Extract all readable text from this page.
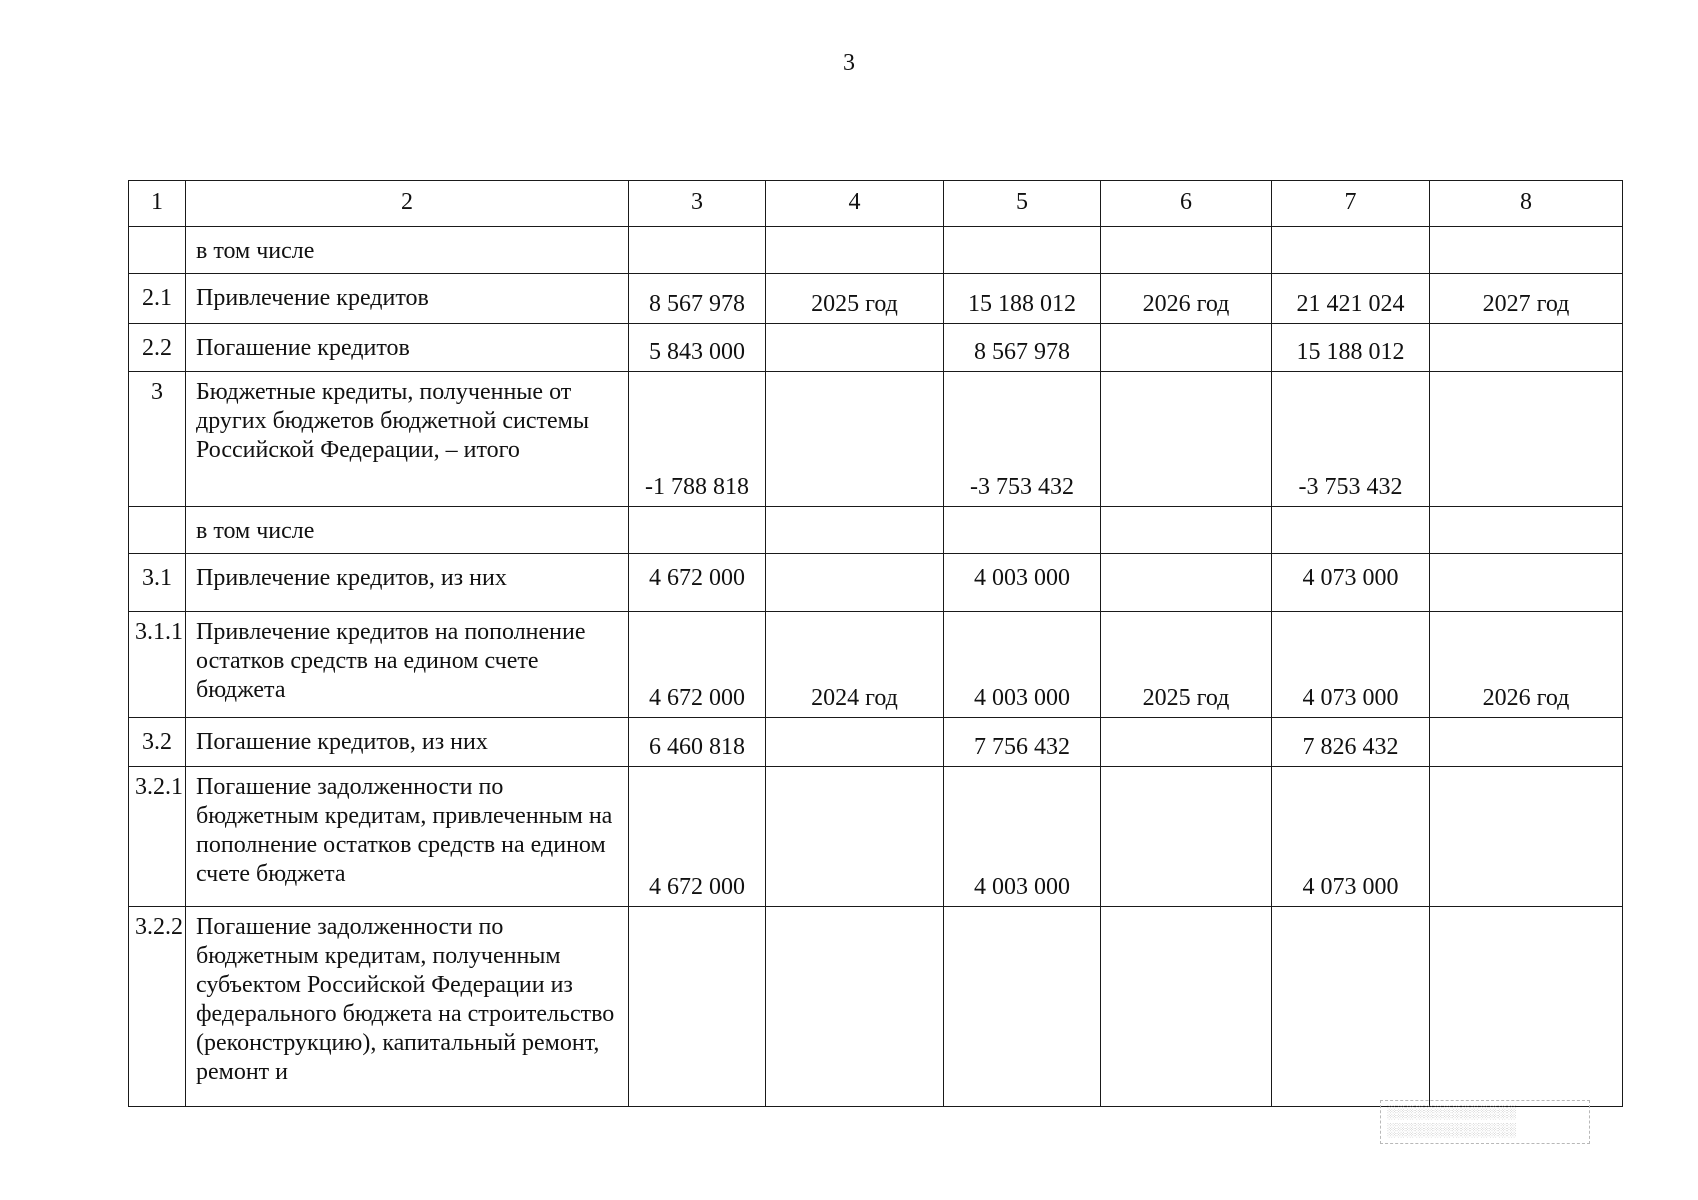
3
1	2	3	4	5	6	7	8
	в том числе						
2.1	Привлечение кредитов	8 567 978	2025 год	15 188 012	2026 год	21 421 024	2027 год
2.2	Погашение кредитов	5 843 000		8 567 978		15 188 012	
3	Бюджетные кредиты, полученные от других бюджетов бюджетной системы Российской Федерации, – итого	-1 788 818		-3 753 432		-3 753 432	
	в том числе						
3.1	Привлечение кредитов, из них	4 672 000		4 003 000		4 073 000	
3.1.1	Привлечение кредитов на пополнение остатков средств на едином счете бюджета	4 672 000	2024 год	4 003 000	2025 год	4 073 000	2026 год
3.2	Погашение кредитов, из них	6 460 818		7 756 432		7 826 432	
3.2.1	Погашение задолженности по бюджетным кредитам, привлеченным на пополнение остатков средств на едином счете бюджета	4 672 000		4 003 000		4 073 000	
3.2.2	Погашение задолженности по бюджетным кредитам, полученным субъектом Российской Федерации из федерального бюджета на строительство (реконструкцию), капитальный ремонт, ремонт и						
░░░░░░░░░░░░░░
░░░░░░░░░░░░░░
